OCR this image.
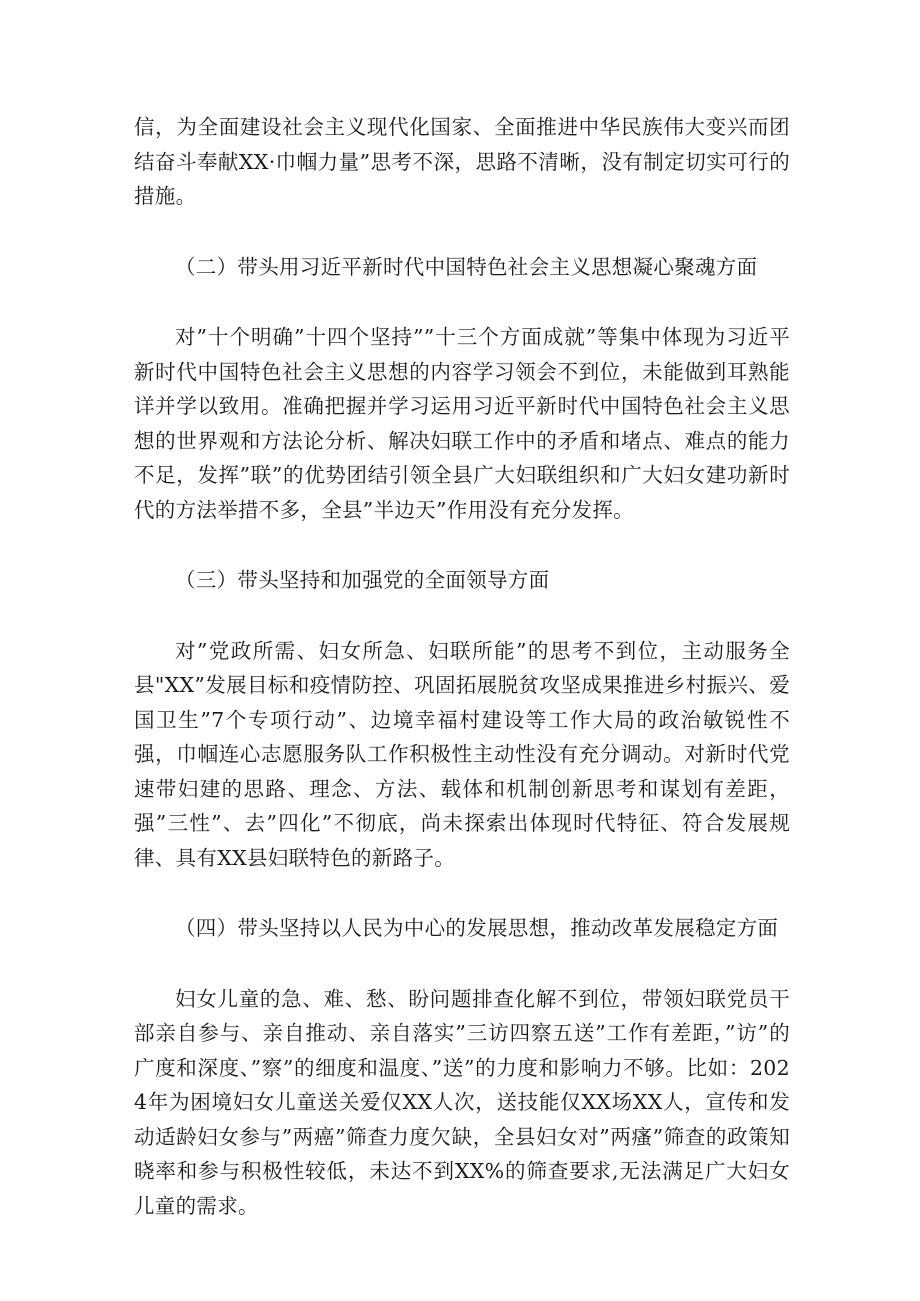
信，为全面建设社会主义现代化国家、全面推进中华民族伟大变兴而团结奋斗奉献XX·巾帼力量”思考不深，思路不清晰，没有制定切实可行的措施。

（二）带头用习近平新时代中国特色社会主义思想凝心聚魂方面

对”十个明确”十四个坚持””十三个方面成就”等集中体现为习近平新时代中国特色社会主义思想的内容学习领会不到位，未能做到耳熟能详并学以致用。准确把握并学习运用习近平新时代中国特色社会主义思想的世界观和方法论分析、解决妇联工作中的矛盾和堵点、难点的能力不足，发挥”联”的优势团结引领全县广大妇联组织和广大妇女建功新时代的方法举措不多，全县”半边天”作用没有充分发挥。

（三）带头坚持和加强党的全面领导方面

对”党政所需、妇女所急、妇联所能”的思考不到位，主动服务全县"XX”发展目标和疫情防控、巩固拓展脱贫攻坚成果推进乡村振兴、爱国卫生”7个专项行动”、边境幸福村建设等工作大局的政治敏锐性不强，巾帼连心志愿服务队工作积极性主动性没有充分调动。对新时代党速带妇建的思路、理念、方法、载体和机制创新思考和谋划有差距，强”三性”、去”四化”不彻底，尚未探索出体现时代特征、符合发展规律、具有XX县妇联特色的新路子。

（四）带头坚持以人民为中心的发展思想，推动改革发展稳定方面

妇女儿童的急、难、愁、盼问题排查化解不到位，带领妇联党员干部亲自参与、亲自推动、亲自落实”三访四察五送”工作有差距，”访”的广度和深度、”察”的细度和温度、”送”的力度和影响力不够。比如：2024年为困境妇女儿童送关爱仅XX人次，送技能仅XX场XX人，宣传和发动适龄妇女参与”两癌”筛查力度欠缺，全县妇女对”两瘙”筛查的政策知晓率和参与积极性较低，未达不到XX%的筛查要求,无法满足广大妇女儿童的需求。
